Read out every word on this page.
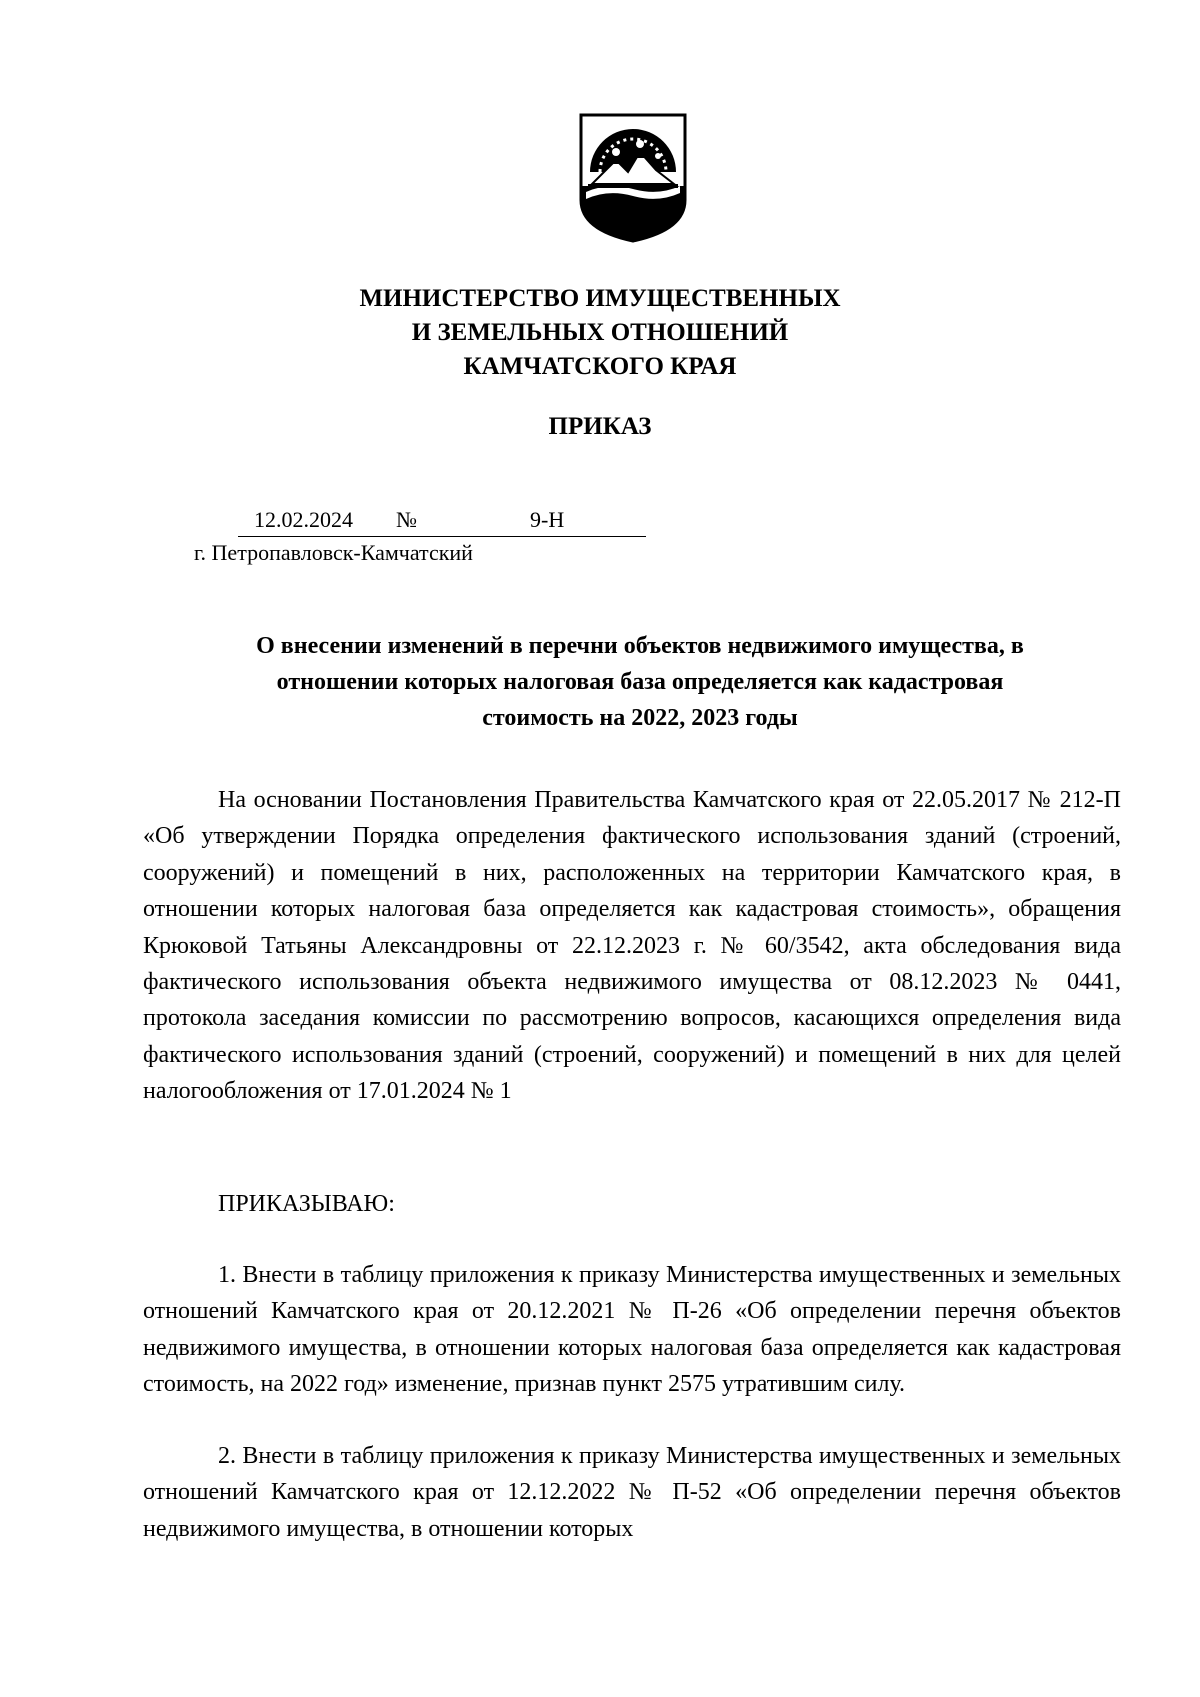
МИНИСТЕРСТВО ИМУЩЕСТВЕННЫХ
И ЗЕМЕЛЬНЫХ ОТНОШЕНИЙ
КАМЧАТСКОГО КРАЯ
ПРИКАЗ
12.02.2024 №	9-Н
г. Петропавловск-Камчатский
О внесении изменений в перечни объектов недвижимого имущества, в
отношении которых налоговая база определяется как кадастровая
стоимость на 2022, 2023 годы

На основании Постановления Правительства Камчатского края от 22.05.2017 № 212-П «Об утверждении Порядка определения фактического использования зданий (строений, сооружений) и помещений в них, расположенных на территории Камчатского края, в отношении которых налоговая база определяется как кадастровая стоимость», обращения Крюковой Татьяны Александровны от 22.12.2023 г. № 60/3542, акта обследования вида фактического использования объекта недвижимого имущества от 08.12.2023 № 0441, протокола заседания комиссии по рассмотрению вопросов, касающихся определения вида фактического использования зданий (строений, сооружений) и помещений в них для целей налогообложения от 17.01.2024 № 1

ПРИКАЗЫВАЮ:

1. Внести в таблицу приложения к приказу Министерства имущественных и земельных отношений Камчатского края от 20.12.2021 № П-26 «Об определении перечня объектов недвижимого имущества, в отношении которых налоговая база определяется как кадастровая стоимость, на 2022 год» изменение, признав пункт 2575 утратившим силу.

2. Внести в таблицу приложения к приказу Министерства имущественных и земельных отношений Камчатского края от 12.12.2022 № П-52 «Об определении перечня объектов недвижимого имущества, в отношении которых
